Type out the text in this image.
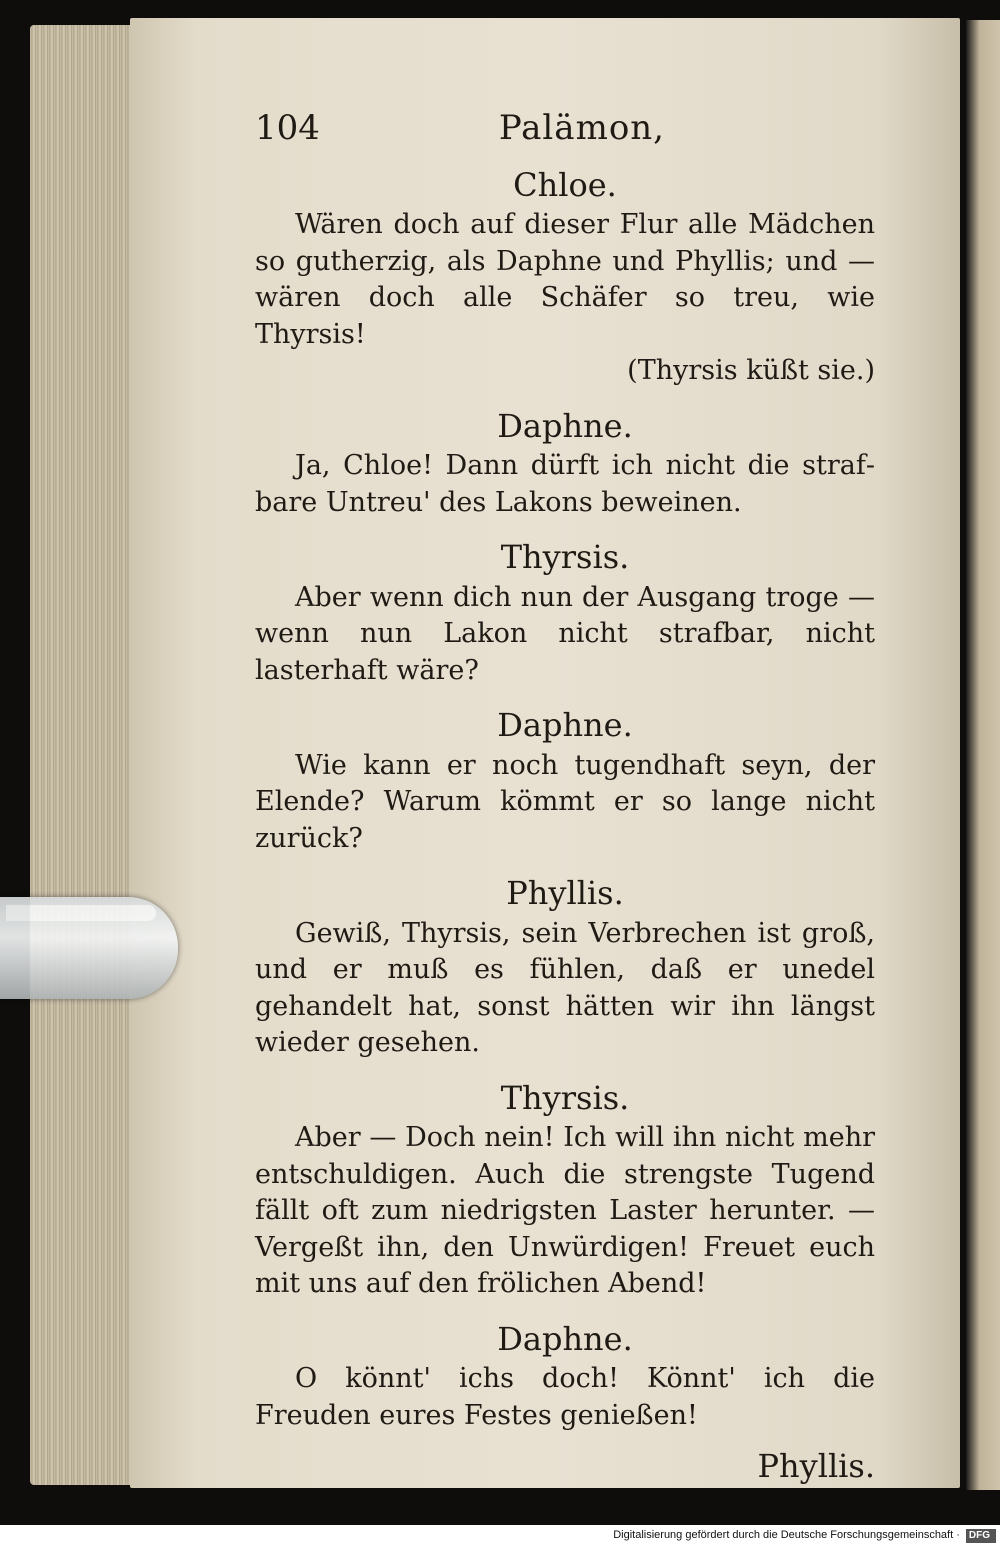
104	Palämon,
Chloe.

Wären doch auf dieser Flur alle Mädchen so gutherzig, als Daphne und Phyllis; und — wären doch alle Schäfer so treu, wie Thyrsis!

(Thyrsis küßt sie.)

Daphne.

Ja, Chloe! Dann dürft ich nicht die strafbare Untreu' des Lakons beweinen.

Thyrsis.

Aber wenn dich nun der Ausgang troge — wenn nun Lakon nicht strafbar, nicht lasterhaft wäre?

Daphne.

Wie kann er noch tugendhaft seyn, der Elende? Warum kömmt er so lange nicht zurück?

Phyllis.

Gewiß, Thyrsis, sein Verbrechen ist groß, und er muß es fühlen, daß er unedel gehandelt hat, sonst hätten wir ihn längst wieder gesehen.

Thyrsis.

Aber — Doch nein! Ich will ihn nicht mehr entschuldigen. Auch die strengste Tugend fällt oft zum niedrigsten Laster herunter. — Vergeßt ihn, den Unwürdigen! Freuet euch mit uns auf den frölichen Abend!

Daphne.

O könnt' ichs doch! Könnt' ich die Freuden eures Festes genießen!

Phyllis.
Digitalisierung gefördert durch die Deutsche Forschungsgemeinschaft · DFG
